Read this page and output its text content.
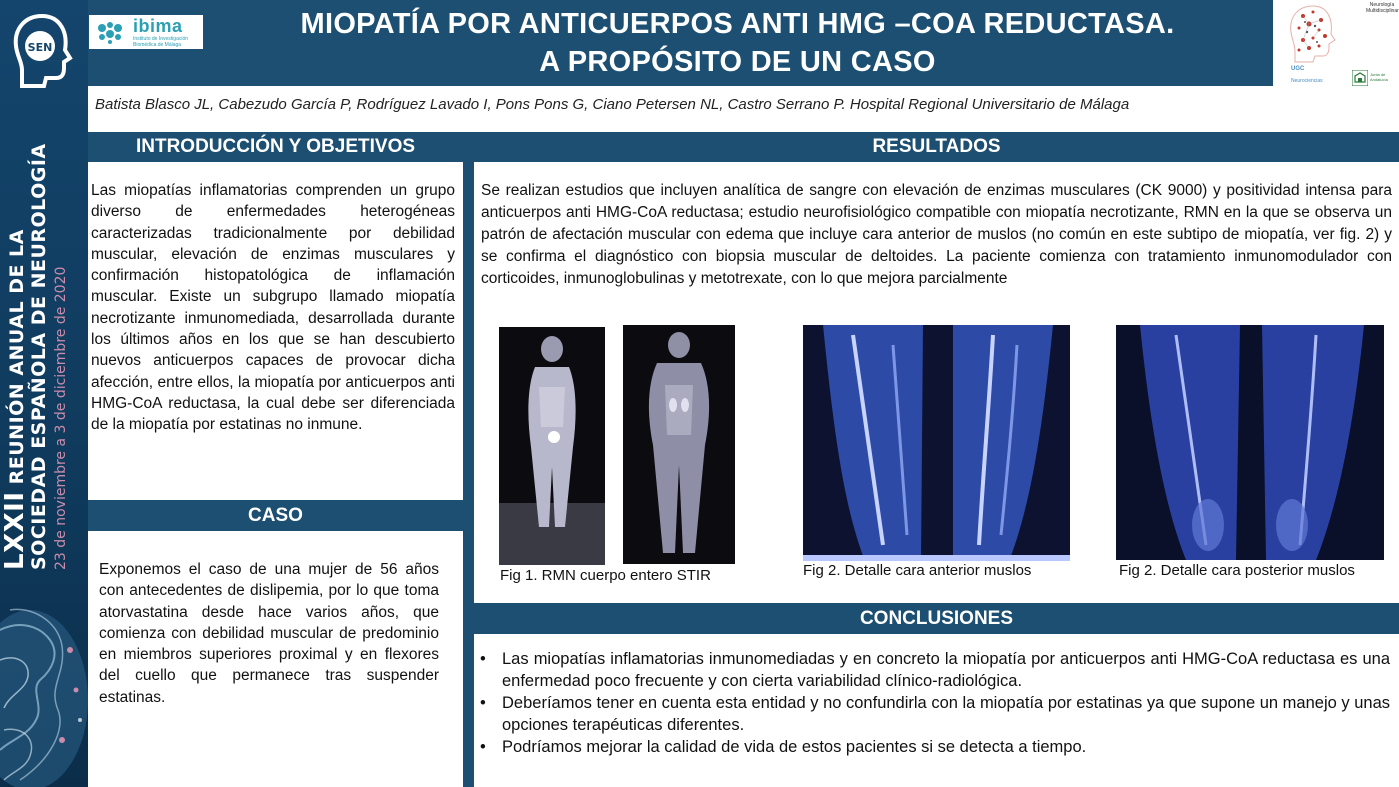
SEN
LXXII REUNIÓN ANUAL DE LA SOCIEDAD ESPAÑOLA DE NEUROLOGÍA 23 de noviembre a 3 de diciembre de 2020
ibima
Instituto de Investigación
Biomédica de Málaga
MIOPATÍA POR ANTICUERPOS ANTI HMG –COA REDUCTASA.
A PROPÓSITO DE UN CASO
Neurología Multidisciplinar
UGC
Neurociencias
Junta de Andalucía
Batista Blasco JL, Cabezudo García P, Rodríguez Lavado I, Pons Pons G, Ciano Petersen NL, Castro Serrano P. Hospital Regional Universitario de Málaga
INTRODUCCIÓN Y OBJETIVOS
Las miopatías inflamatorias comprenden un grupo diverso de enfermedades heterogéneas caracterizadas tradicionalmente por debilidad muscular, elevación de enzimas musculares y confirmación histopatológica de inflamación muscular. Existe un subgrupo llamado miopatía necrotizante inmunomediada, desarrollada durante los últimos años en los que se han descubierto nuevos anticuerpos capaces de provocar dicha afección, entre ellos, la miopatía por anticuerpos anti HMG-CoA reductasa, la cual debe ser diferenciada de la miopatía por estatinas no inmune.
CASO
Exponemos el caso de una mujer de 56 años con antecedentes de dislipemia, por lo que toma atorvastatina desde hace varios años, que comienza con debilidad muscular de predominio en miembros superiores proximal y en flexores del cuello que permanece tras suspender estatinas.
RESULTADOS
Se realizan estudios que incluyen analítica de sangre con elevación de enzimas musculares (CK 9000) y positividad intensa para anticuerpos anti HMG-CoA reductasa; estudio neurofisiológico compatible con miopatía necrotizante, RMN en la que se observa un patrón de afectación muscular con edema que incluye cara anterior de muslos (no común en este subtipo de miopatía, ver fig. 2) y se confirma el diagnóstico con biopsia muscular de deltoides. La paciente comienza con tratamiento inmunomodulador con corticoides, inmunoglobulinas y metotrexate, con lo que mejora parcialmente
Fig 1. RMN cuerpo entero STIR	Fig 2. Detalle cara anterior muslos	Fig 2. Detalle cara posterior muslos
CONCLUSIONES
• Las miopatías inflamatorias inmunomediadas y en concreto la miopatía por anticuerpos anti HMG-CoA reductasa es una enfermedad poco frecuente y con cierta variabilidad clínico-radiológica.
• Deberíamos tener en cuenta esta entidad y no confundirla con la miopatía por estatinas ya que supone un manejo y unas opciones terapéuticas diferentes.
• Podríamos mejorar la calidad de vida de estos pacientes si se detecta a tiempo.
